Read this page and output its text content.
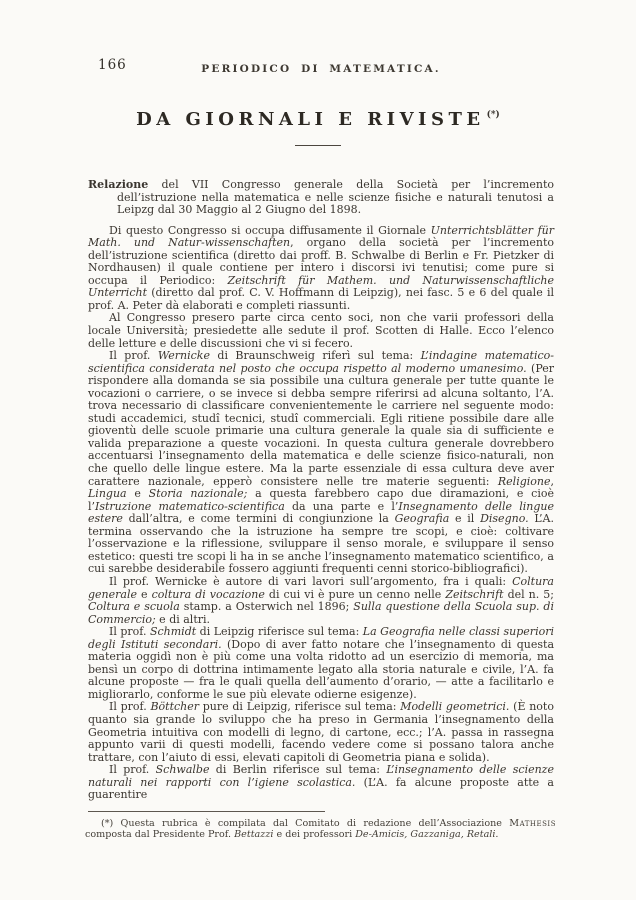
166	PERIODICO DI MATEMATICA.
DA GIORNALI E RIVISTE (*)

Relazione del VII Congresso generale della Società per l’incremento dell’istruzione nella matematica e nelle scienze fisiche e naturali tenutosi a Leipzg dal 30 Maggio al 2 Giugno del 1898.

Di questo Congresso si occupa diffusamente il Giornale Unterrichtsblätter für Math. und Natur-wissenschaften, organo della società per l’incremento dell’istruzione scientifica (diretto dai proff. B. Schwalbe di Berlin e Fr. Pietzker di Nordhausen) il quale contiene per intero i discorsi ivi tenutisi; come pure si occupa il Periodico: Zeitschrift für Mathem. und Naturwissenschaftliche Unterricht (diretto dal prof. C. V. Hoffmann di Leipzig), nei fasc. 5 e 6 del quale il prof. A. Peter dà elaborati e completi riassunti.

Al Congresso presero parte circa cento soci, non che varii professori della locale Università; presiedette alle sedute il prof. Scotten di Halle. Ecco l’elenco delle letture e delle discussioni che vi si fecero.

Il prof. Wernicke di Braunschweig riferì sul tema: L’indagine matematico-scientifica considerata nel posto che occupa rispetto al moderno umanesimo. (Per rispondere alla domanda se sia possibile una cultura generale per tutte quante le vocazioni o carriere, o se invece si debba sempre riferirsi ad alcuna soltanto, l’A. trova necessario di classificare convenientemente le carriere nel seguente modo: studi accademici, studî tecnici, studî commerciali. Egli ritiene possibile dare alle gioventù delle scuole primarie una cultura generale la quale sia di sufficiente e valida preparazione a queste vocazioni. In questa cultura generale dovrebbero accentuarsi l’insegnamento della matematica e delle scienze fisico-naturali, non che quello delle lingue estere. Ma la parte essenziale di essa cultura deve aver carattere nazionale, epperò consistere nelle tre materie seguenti: Religione, Lingua e Storia nazionale; a questa farebbero capo due diramazioni, e cioè l’Istruzione matematico-scientifica da una parte e l’Insegnamento delle lingue estere dall’altra, e come termini di congiunzione la Geografia e il Disegno. L’A. termina osservando che la istruzione ha sempre tre scopi, e cioè: coltivare l’osservazione e la riflessione, sviluppare il senso morale, e sviluppare il senso estetico: questi tre scopi li ha in se anche l’insegnamento matematico scientifico, a cui sarebbe desiderabile fossero aggiunti frequenti cenni storico-bibliografici).

Il prof. Wernicke è autore di vari lavori sull’argomento, fra i quali: Coltura generale e coltura di vocazione di cui vi è pure un cenno nelle Zeitschrift del n. 5; Coltura e scuola stamp. a Osterwich nel 1896; Sulla questione della Scuola sup. di Commercio; e di altri.

Il prof. Schmidt di Leipzig riferisce sul tema: La Geografia nelle classi superiori degli Istituti secondari. (Dopo di aver fatto notare che l’insegnamento di questa materia oggidì non è più come una volta ridotto ad un esercizio di memoria, ma bensì un corpo di dottrina intimamente legato alla storia naturale e civile, l’A. fa alcune proposte — fra le quali quella dell’aumento d’orario, — atte a facilitarlo e migliorarlo, conforme le sue più elevate odierne esigenze).

Il prof. Böttcher pure di Leipzig, riferisce sul tema: Modelli geometrici. (È noto quanto sia grande lo sviluppo che ha preso in Germania l’insegnamento della Geometria intuitiva con modelli di legno, di cartone, ecc.; l’A. passa in rassegna appunto varii di questi modelli, facendo vedere come si possano talora anche trattare, con l’aiuto di essi, elevati capitoli di Geometria piana e solida).

Il prof. Schwalbe di Berlin riferisce sul tema: L’insegnamento delle scienze naturali nei rapporti con l’igiene scolastica. (L’A. fa alcune proposte atte a guarentire

(*) Questa rubrica è compilata dal Comitato di redazione dell’Associazione Mathesis composta dal Presidente Prof. Bettazzi e dei professori De-Amicis, Gazzaniga, Retali.
